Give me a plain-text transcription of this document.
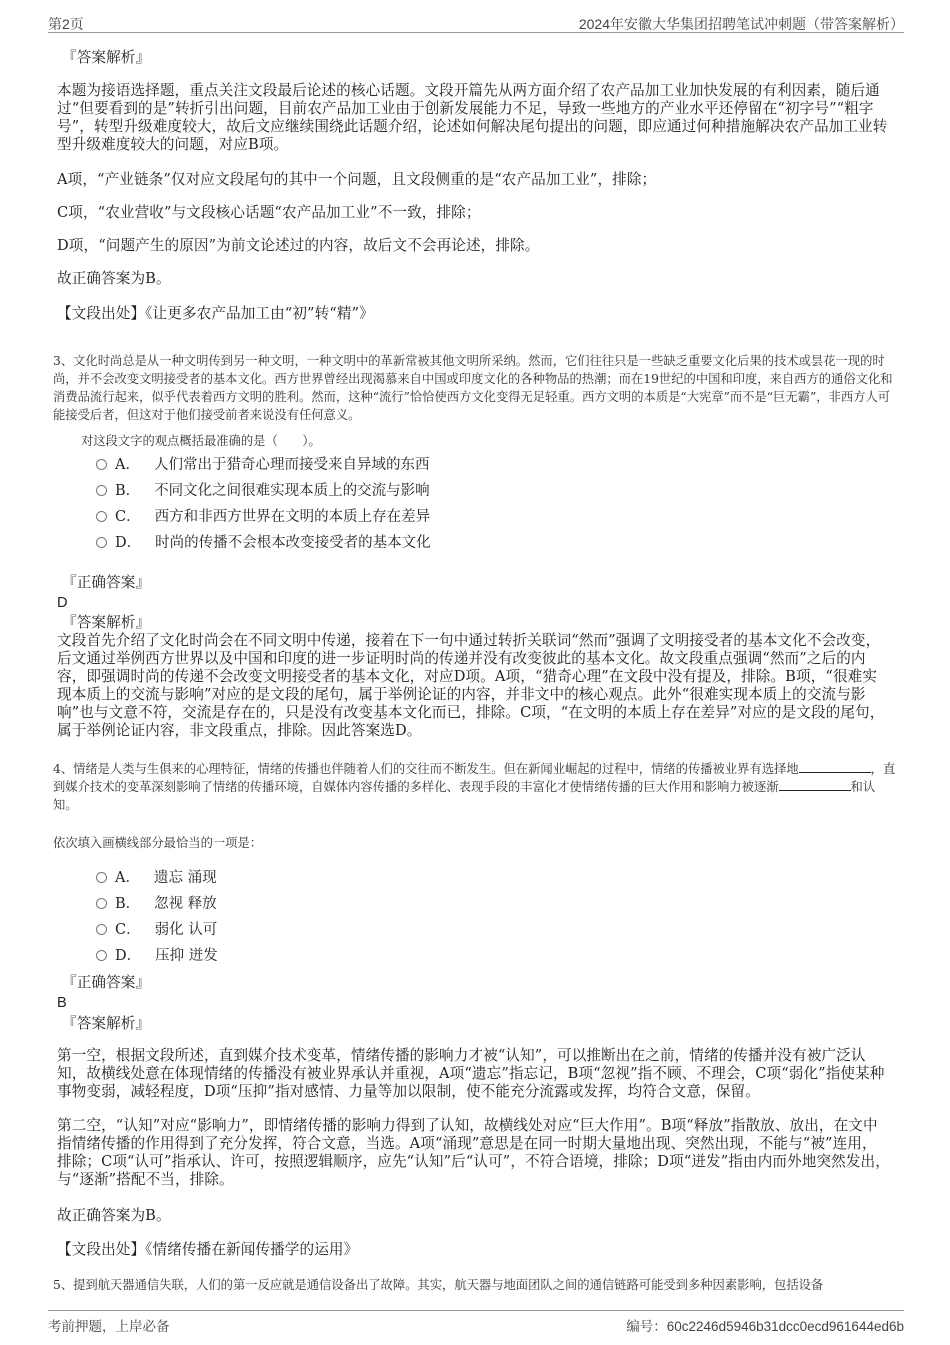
第2页	2024年安徽大华集团招聘笔试冲刺题（带答案解析）
『答案解析』

本题为接语选择题，重点关注文段最后论述的核心话题。文段开篇先从两方面介绍了农产品加工业加快发展的有利因素，随后通过“但要看到的是”转折引出问题，目前农产品加工业由于创新发展能力不足，导致一些地方的产业水平还停留在“初字号”“粗字号”，转型升级难度较大，故后文应继续围绕此话题介绍，论述如何解决尾句提出的问题，即应通过何种措施解决农产品加工业转型升级难度较大的问题，对应B项。

A项，“产业链条”仅对应文段尾句的其中一个问题，且文段侧重的是“农产品加工业”，排除；

C项，“农业营收”与文段核心话题“农产品加工业”不一致，排除；

D项，“问题产生的原因”为前文论述过的内容，故后文不会再论述，排除。

故正确答案为B。

【文段出处】《让更多农产品加工由“初”转“精”》

3、文化时尚总是从一种文明传到另一种文明，一种文明中的革新常被其他文明所采纳。然而，它们往往只是一些缺乏重要文化后果的技术或昙花一现的时尚，并不会改变文明接受者的基本文化。西方世界曾经出现渴慕来自中国或印度文化的各种物品的热潮；而在19世纪的中国和印度，来自西方的通俗文化和消费品流行起来，似乎代表着西方文明的胜利。然而，这种“流行”恰恰使西方文化变得无足轻重。西方文明的本质是“大宪章”而不是“巨无霸”，非西方人可能接受后者，但这对于他们接受前者来说没有任何意义。

对这段文字的观点概括最准确的是（　　）。

A． 人们常出于猎奇心理而接受来自异域的东西
B． 不同文化之间很难实现本质上的交流与影响
C． 西方和非西方世界在文明的本质上存在差异
D． 时尚的传播不会根本改变接受者的基本文化
『正确答案』
D
『答案解析』

文段首先介绍了文化时尚会在不同文明中传递，接着在下一句中通过转折关联词“然而”强调了文明接受者的基本文化不会改变，后文通过举例西方世界以及中国和印度的进一步证明时尚的传递并没有改变彼此的基本文化。故文段重点强调“然而”之后的内容，即强调时尚的传递不会改变文明接受者的基本文化，对应D项。A项，“猎奇心理”在文段中没有提及，排除。B项，“很难实现本质上的交流与影响”对应的是文段的尾句，属于举例论证的内容，并非文中的核心观点。此外“很难实现本质上的交流与影响”也与文意不符，交流是存在的，只是没有改变基本文化而已，排除。C项，“在文明的本质上存在差异”对应的是文段的尾句，属于举例论证内容，非文段重点，排除。因此答案选D。

4、情绪是人类与生俱来的心理特征，情绪的传播也伴随着人们的交往而不断发生。但在新闻业崛起的过程中，情绪的传播被业界有选择地	，直到媒介技术的变革深刻影响了情绪的传播环境，自媒体内容传播的多样化、表现手段的丰富化才使情绪传播的巨大作用和影响力被逐渐	和认知。

依次填入画横线部分最恰当的一项是：

A． 遗忘 涌现
B． 忽视 释放
C． 弱化 认可
D． 压抑 迸发
『正确答案』
B
『答案解析』

第一空，根据文段所述，直到媒介技术变革，情绪传播的影响力才被“认知”，可以推断出在之前，情绪的传播并没有被广泛认知，故横线处意在体现情绪的传播没有被业界承认并重视，A项“遗忘”指忘记，B项“忽视”指不顾、不理会，C项“弱化”指使某种事物变弱，减轻程度，D项“压抑”指对感情、力量等加以限制，使不能充分流露或发挥，均符合文意，保留。

第二空，“认知”对应“影响力”，即情绪传播的影响力得到了认知，故横线处对应“巨大作用”。B项“释放”指散放、放出，在文中指情绪传播的作用得到了充分发挥，符合文意，当选。A项“涌现”意思是在同一时期大量地出现、突然出现，不能与“被”连用，排除；C项“认可”指承认、许可，按照逻辑顺序，应先“认知”后“认可”，不符合语境，排除；D项“迸发”指由内而外地突然发出，与“逐渐”搭配不当，排除。

故正确答案为B。

【文段出处】《情绪传播在新闻传播学的运用》

5、提到航天器通信失联，人们的第一反应就是通信设备出了故障。其实，航天器与地面团队之间的通信链路可能受到多种因素影响，包括设备

考前押题，上岸必备	编号：60c2246d5946b31dcc0ecd961644ed6b
